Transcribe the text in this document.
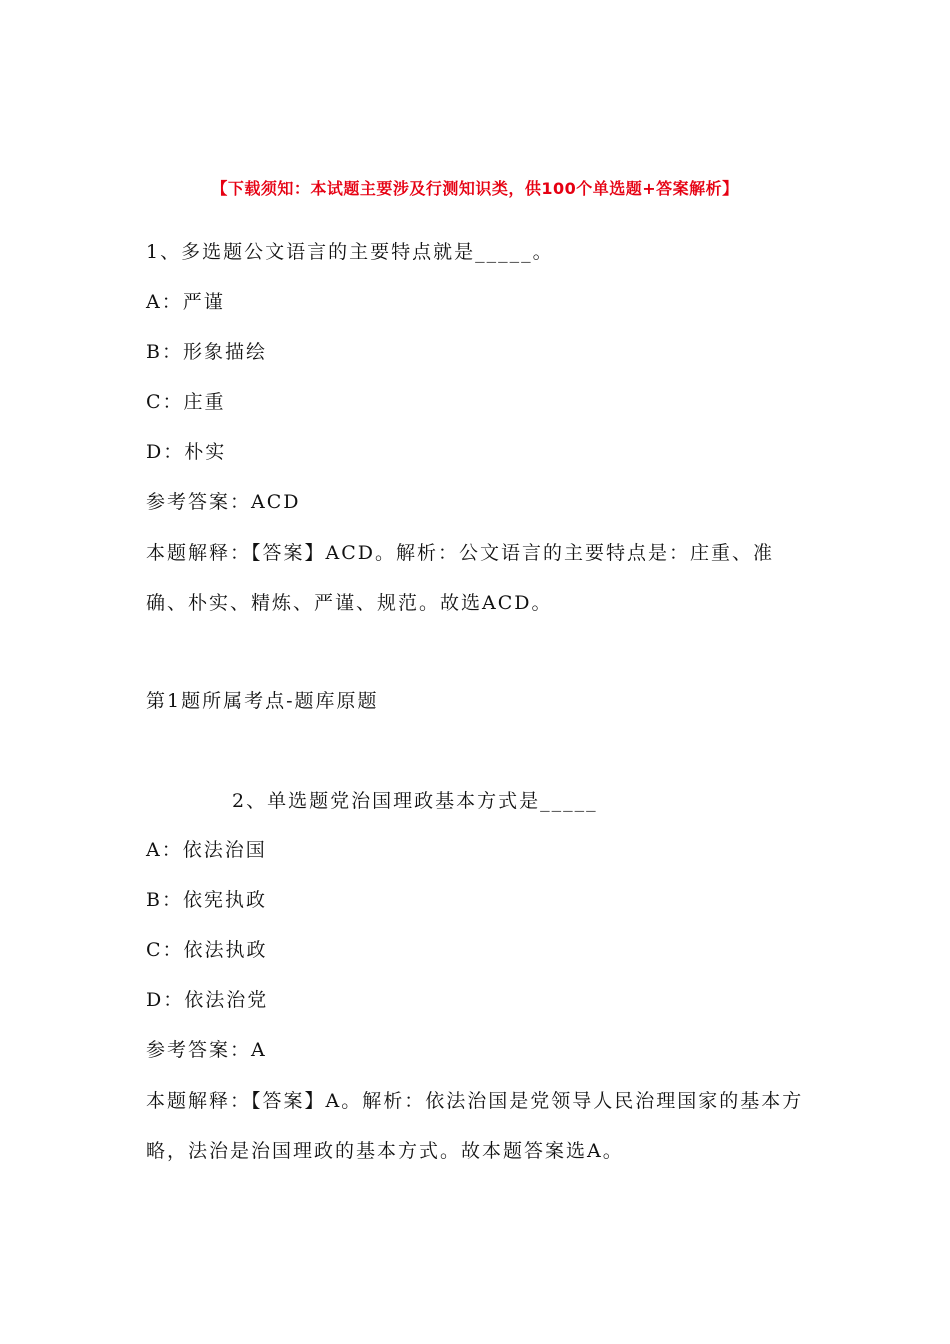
【下载须知：本试题主要涉及行测知识类，供100个单选题+答案解析】
1、多选题公文语言的主要特点就是_____。
A：严谨
B：形象描绘
C：庄重
D：朴实
参考答案：ACD
本题解释：【答案】ACD。解析：公文语言的主要特点是：庄重、准确、朴实、精炼、严谨、规范。故选ACD。
第1题所属考点-题库原题
2、单选题党治国理政基本方式是_____
A：依法治国
B：依宪执政
C：依法执政
D：依法治党
参考答案：A
本题解释：【答案】A。解析：依法治国是党领导人民治理国家的基本方略，法治是治国理政的基本方式。故本题答案选A。
